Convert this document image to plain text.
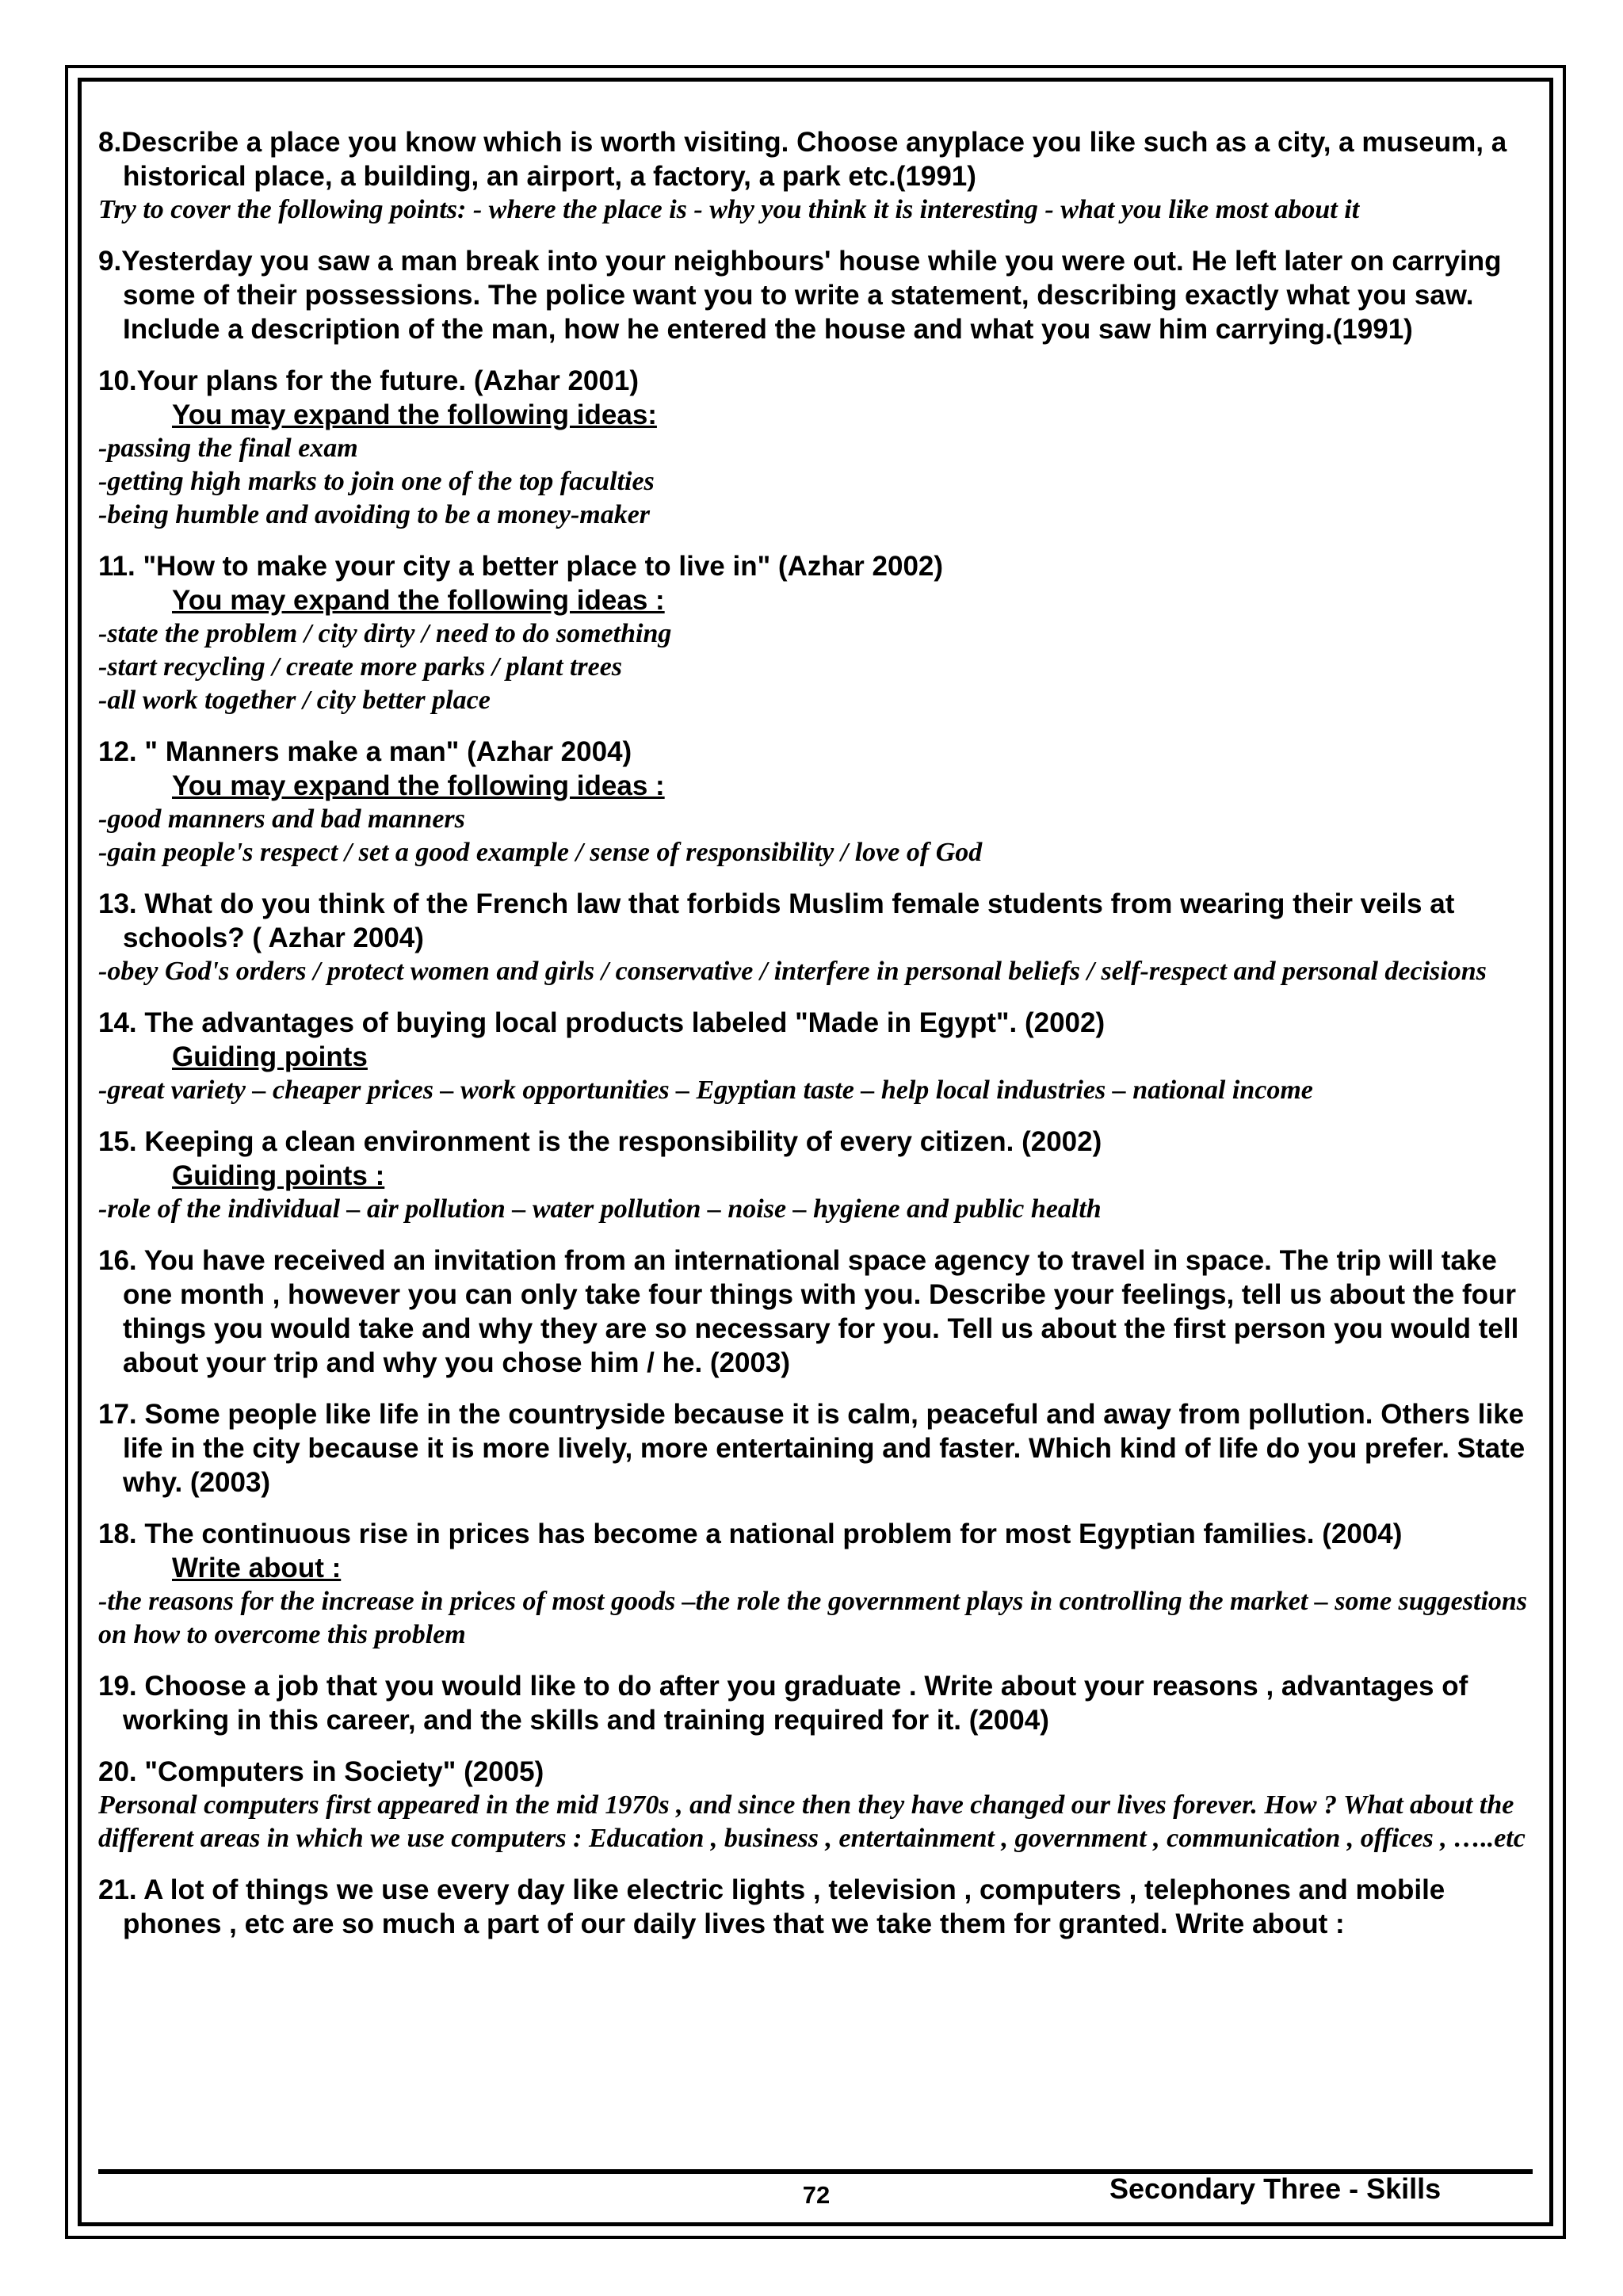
8.Describe a place you know which is worth visiting. Choose anyplace you like such as a city, a museum, a historical place, a building, an airport, a factory, a park etc.(1991)

Try to cover the following points: - where the place is - why you think it is interesting - what you like most about it

9.Yesterday you saw a man break into your neighbours' house while you were out. He left later on carrying some of their possessions. The police want you to write a statement, describing exactly what you saw. Include a description of the man, how he entered the house and what you saw him carrying.(1991)

10.Your plans for the future. (Azhar 2001)

You may expand the following ideas:

-passing the final exam

-getting high marks to join one of the top faculties

-being humble and avoiding to be a money-maker

11. "How to make your city a better place to live in" (Azhar 2002)

You may expand the following ideas :

-state the problem / city dirty / need to do something

-start recycling / create more parks / plant trees

-all work together / city better place

12. " Manners make a man" (Azhar 2004)

You may expand the following ideas :

-good manners and bad manners

-gain people's respect / set a good example / sense of responsibility / love of God

13. What do you think of the French law that forbids Muslim female students from wearing their veils at schools? ( Azhar 2004)

-obey God's orders / protect women and girls / conservative / interfere in personal beliefs / self-respect and personal decisions

14. The advantages of buying local products labeled "Made in Egypt". (2002)

Guiding points

-great variety – cheaper prices – work opportunities – Egyptian taste – help local industries – national income

15. Keeping a clean environment is the responsibility of every citizen. (2002)

Guiding points :

-role of the individual – air pollution – water pollution – noise – hygiene and public health

16. You have received an invitation from an international space agency to travel in space. The trip will take one month , however you can only take four things with you. Describe your feelings, tell us about the four things you would take and why they are so necessary for you. Tell us about the first person you would tell about your trip and why you chose him / he. (2003)

17. Some people like life in the countryside because it is calm, peaceful and away from pollution. Others like life in the city because it is more lively, more entertaining and faster. Which kind of life do you prefer. State why. (2003)

18. The continuous rise in prices has become a national problem for most Egyptian families. (2004)

Write about :

-the reasons for the increase in prices of most goods –the role the government plays in controlling the market – some suggestions on how to overcome this problem

19. Choose a job that you would like to do after you graduate . Write about your reasons , advantages of working in this career, and the skills and training required for it. (2004)

20. "Computers in Society" (2005)

Personal computers first appeared in the mid 1970s , and since then they have changed our lives forever. How ? What about the different areas in which we use computers : Education , business , entertainment , government , communication , offices , …..etc

21. A lot of things we use every day like electric lights , television , computers , telephones and mobile phones , etc are so much a part of our daily lives that we take them for granted. Write about :

72	Secondary Three - Skills
